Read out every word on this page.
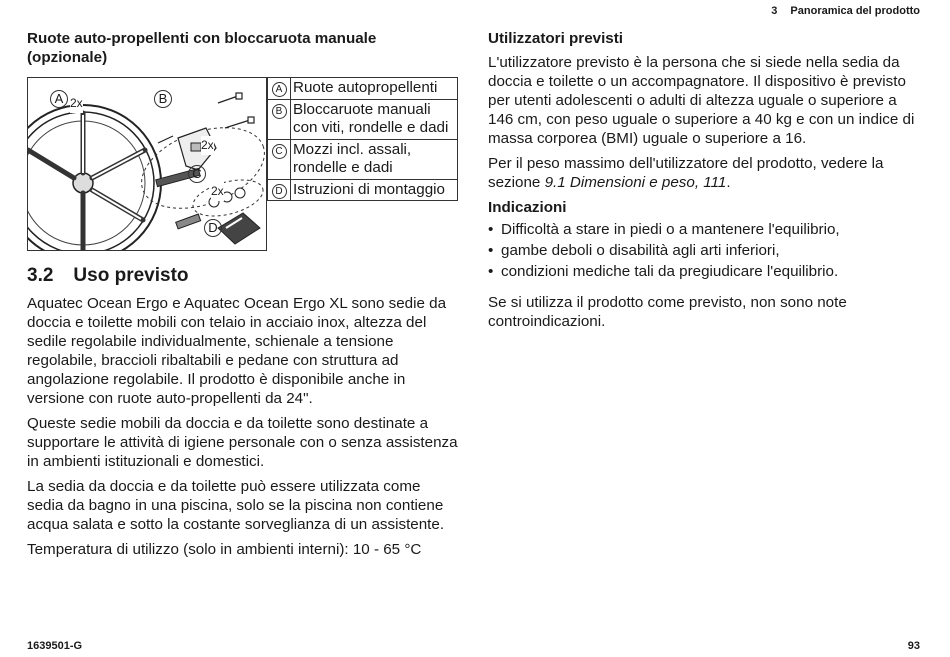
3 Panoramica del prodotto
Ruote auto-propellenti con bloccaruota manuale (opzionale)
A 2x	B
2x
C
2x
D
A	Ruote autopropellenti
B	Bloccaruote manuali con viti, rondelle e dadi
C	Mozzi incl. assali, rondelle e dadi
D	Istruzioni di montaggio
3.2 Uso previsto

Aquatec Ocean Ergo e Aquatec Ocean Ergo XL sono sedie da doccia e toilette mobili con telaio in acciaio inox, altezza del sedile regolabile individualmente, schienale a tensione regolabile, braccioli ribaltabili e pedane con struttura ad angolazione regolabile. Il prodotto è disponibile anche in versione con ruote auto-propellenti da 24".

Queste sedie mobili da doccia e da toilette sono destinate a supportare le attività di igiene personale con o senza assistenza in ambienti istituzionali e domestici.

La sedia da doccia e da toilette può essere utilizzata come sedia da bagno in una piscina, solo se la piscina non contiene acqua salata e sotto la costante sorveglianza di un assistente.

Temperatura di utilizzo (solo in ambienti interni): 10 - 65 °C

Utilizzatori previsti

L'utilizzatore previsto è la persona che si siede nella sedia da doccia e toilette o un accompagnatore. Il dispositivo è previsto per utenti adolescenti o adulti di altezza uguale o superiore a 146 cm, con peso uguale o superiore a 40 kg e con un indice di massa corporea (BMI) uguale o superiore a 16.

Per il peso massimo dell'utilizzatore del prodotto, vedere la sezione 9.1 Dimensioni e peso, 111.

Indicazioni
• Difficoltà a stare in piedi o a mantenere l'equilibrio,
• gambe deboli o disabilità agli arti inferiori,
• condizioni mediche tali da pregiudicare l'equilibrio.

Se si utilizza il prodotto come previsto, non sono note controindicazioni.

1639501-G	93
